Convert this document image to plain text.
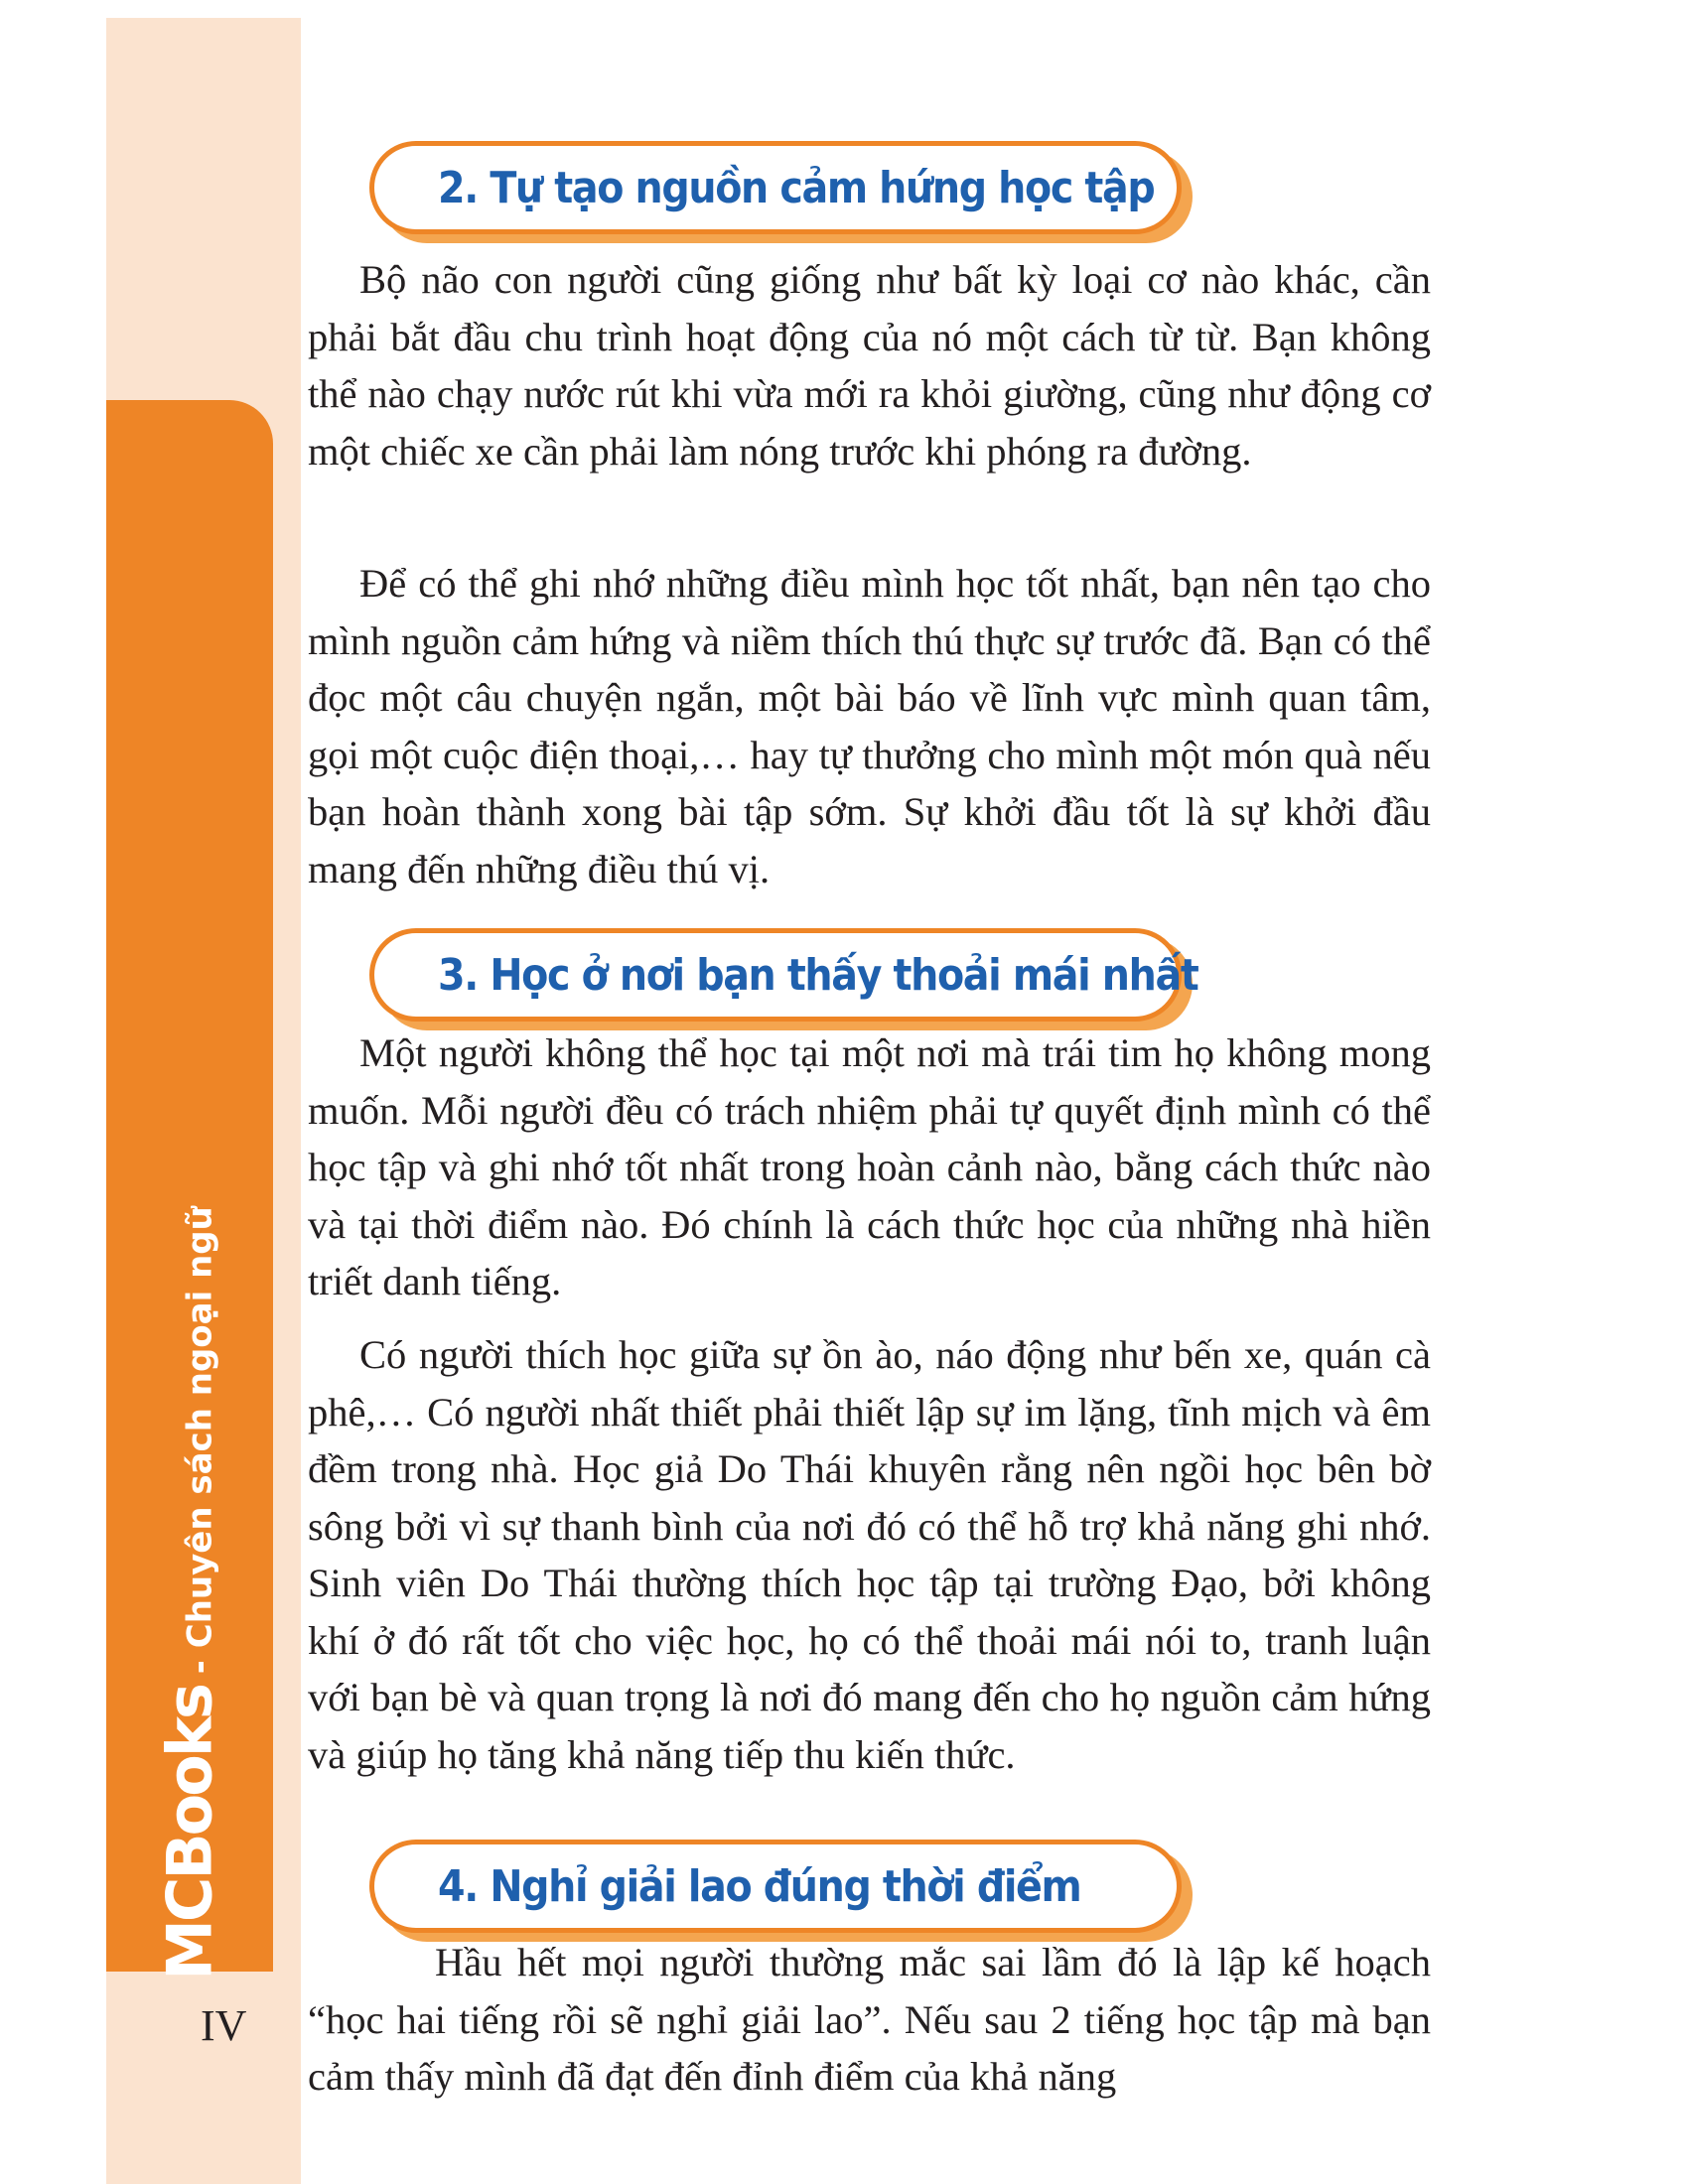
MCBooks - Chuyên sách ngoại ngữ
2. Tự tạo nguồn cảm hứng học tập

Bộ não con người cũng giống như bất kỳ loại cơ nào khác, cần phải bắt đầu chu trình hoạt động của nó một cách từ từ. Bạn không thể nào chạy nước rút khi vừa mới ra khỏi giường, cũng như động cơ một chiếc xe cần phải làm nóng trước khi phóng ra đường.

Để có thể ghi nhớ những điều mình học tốt nhất, bạn nên tạo cho mình nguồn cảm hứng và niềm thích thú thực sự trước đã. Bạn có thể đọc một câu chuyện ngắn, một bài báo về lĩnh vực mình quan tâm, gọi một cuộc điện thoại,… hay tự thưởng cho mình một món quà nếu bạn hoàn thành xong bài tập sớm. Sự khởi đầu tốt là sự khởi đầu mang đến những điều thú vị.

3. Học ở nơi bạn thấy thoải mái nhất

Một người không thể học tại một nơi mà trái tim họ không mong muốn. Mỗi người đều có trách nhiệm phải tự quyết định mình có thể học tập và ghi nhớ tốt nhất trong hoàn cảnh nào, bằng cách thức nào và tại thời điểm nào. Đó chính là cách thức học của những nhà hiền triết danh tiếng.

Có người thích học giữa sự ồn ào, náo động như bến xe, quán cà phê,… Có người nhất thiết phải thiết lập sự im lặng, tĩnh mịch và êm đềm trong nhà. Học giả Do Thái khuyên rằng nên ngồi học bên bờ sông bởi vì sự thanh bình của nơi đó có thể hỗ trợ khả năng ghi nhớ. Sinh viên Do Thái thường thích học tập tại trường Đạo, bởi không khí ở đó rất tốt cho việc học, họ có thể thoải mái nói to, tranh luận với bạn bè và quan trọng là nơi đó mang đến cho họ nguồn cảm hứng và giúp họ tăng khả năng tiếp thu kiến thức.

4. Nghỉ giải lao đúng thời điểm

Hầu hết mọi người thường mắc sai lầm đó là lập kế hoạch “học hai tiếng rồi sẽ nghỉ giải lao”. Nếu sau 2 tiếng học tập mà bạn cảm thấy mình đã đạt đến đỉnh điểm của khả năng

IV
